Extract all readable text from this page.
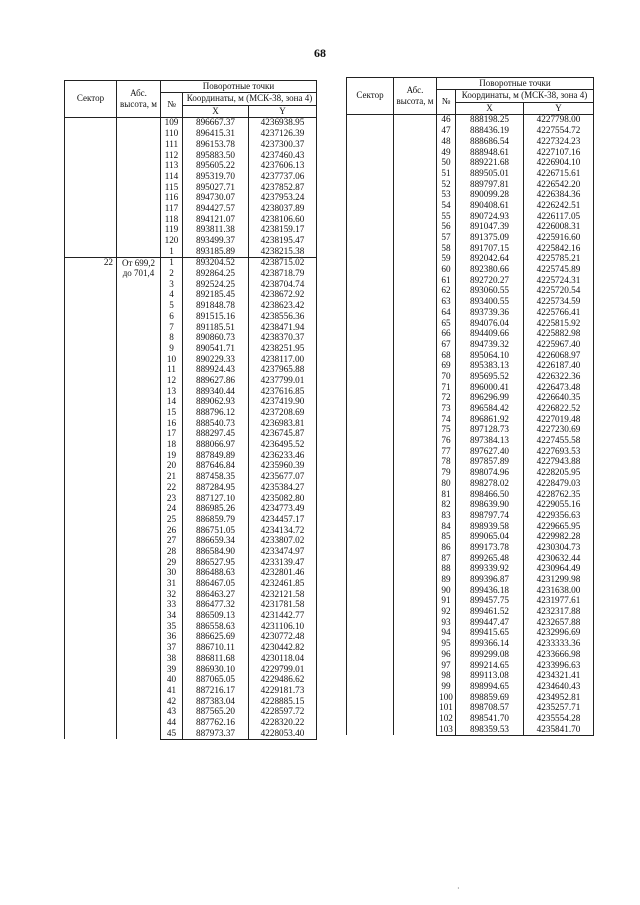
68
Сектор	Абс. высота, м	Поворотные точки		
		№	Координаты, м (МСК-38, зона 4)	
			X	Y
		109	896667.37	4236938.95
		110	896415.31	4237126.39
		111	896153.78	4237300.37
		112	895883.50	4237460.43
		113	895605.22	4237606.13
		114	895319.70	4237737.06
		115	895027.71	4237852.87
		116	894730.07	4237953.24
		117	894427.57	4238037.89
		118	894121.07	4238106.60
		119	893811.38	4238159.17
		120	893499.37	4238195.47
		1	893185.89	4238215.38
22	От 699,2 до 701,4	1	893204.52	4238715.02
		2	892864.25	4238718.79
		3	892524.25	4238704.74
		4	892185.45	4238672.92
		5	891848.78	4238623.42
		6	891515.16	4238556.36
		7	891185.51	4238471.94
		8	890860.73	4238370.37
		9	890541.71	4238251.95
		10	890229.33	4238117.00
		11	889924.43	4237965.88
		12	889627.86	4237799.01
		13	889340.44	4237616.85
		14	889062.93	4237419.90
		15	888796.12	4237208.69
		16	888540.73	4236983.81
		17	888297.45	4236745.87
		18	888066.97	4236495.52
		19	887849.89	4236233.46
		20	887646.84	4235960.39
		21	887458.35	4235677.07
		22	887284.95	4235384.27
		23	887127.10	4235082.80
		24	886985.26	4234773.49
		25	886859.79	4234457.17
		26	886751.05	4234134.72
		27	886659.34	4233807.02
		28	886584.90	4233474.97
		29	886527.95	4233139.47
		30	886488.63	4232801.46
		31	886467.05	4232461.85
		32	886463.27	4232121.58
		33	886477.32	4231781.58
		34	886509.13	4231442.77
		35	886558.63	4231106.10
		36	886625.69	4230772.48
		37	886710.11	4230442.82
		38	886811.68	4230118.04
		39	886930.10	4229799.01
		40	887065.05	4229486.62
		41	887216.17	4229181.73
		42	887383.04	4228885.15
		43	887565.20	4228597.72
		44	887762.16	4228320.22
		45	887973.37	4228053.40
Сектор	Абс. высота, м	Поворотные точки		
		№	Координаты, м (МСК-38, зона 4)	
			X	Y
		46	888198.25	4227798.00
		47	888436.19	4227554.72
		48	888686.54	4227324.23
		49	888948.61	4227107.16
		50	889221.68	4226904.10
		51	889505.01	4226715.61
		52	889797.81	4226542.20
		53	890099.28	4226384.36
		54	890408.61	4226242.51
		55	890724.93	4226117.05
		56	891047.39	4226008.31
		57	891375.09	4225916.60
		58	891707.15	4225842.16
		59	892042.64	4225785.21
		60	892380.66	4225745.89
		61	892720.27	4225724.31
		62	893060.55	4225720.54
		63	893400.55	4225734.59
		64	893739.36	4225766.41
		65	894076.04	4225815.92
		66	894409.66	4225882.98
		67	894739.32	4225967.40
		68	895064.10	4226068.97
		69	895383.13	4226187.40
		70	895695.52	4226322.36
		71	896000.41	4226473.48
		72	896296.99	4226640.35
		73	896584.42	4226822.52
		74	896861.92	4227019.48
		75	897128.73	4227230.69
		76	897384.13	4227455.58
		77	897627.40	4227693.53
		78	897857.89	4227943.88
		79	898074.96	4228205.95
		80	898278.02	4228479.03
		81	898466.50	4228762.35
		82	898639.90	4229055.16
		83	898797.74	4229356.63
		84	898939.58	4229665.95
		85	899065.04	4229982.28
		86	899173.78	4230304.73
		87	899265.48	4230632.44
		88	899339.92	4230964.49
		89	899396.87	4231299.98
		90	899436.18	4231638.00
		91	899457.75	4231977.61
		92	899461.52	4232317.88
		93	899447.47	4232657.88
		94	899415.65	4232996.69
		95	899366.14	4233333.36
		96	899299.08	4233666.98
		97	899214.65	4233996.63
		98	899113.08	4234321.41
		99	898994.65	4234640.43
		100	898859.69	4234952.81
		101	898708.57	4235257.71
		102	898541.70	4235554.28
		103	898359.53	4235841.70
·
